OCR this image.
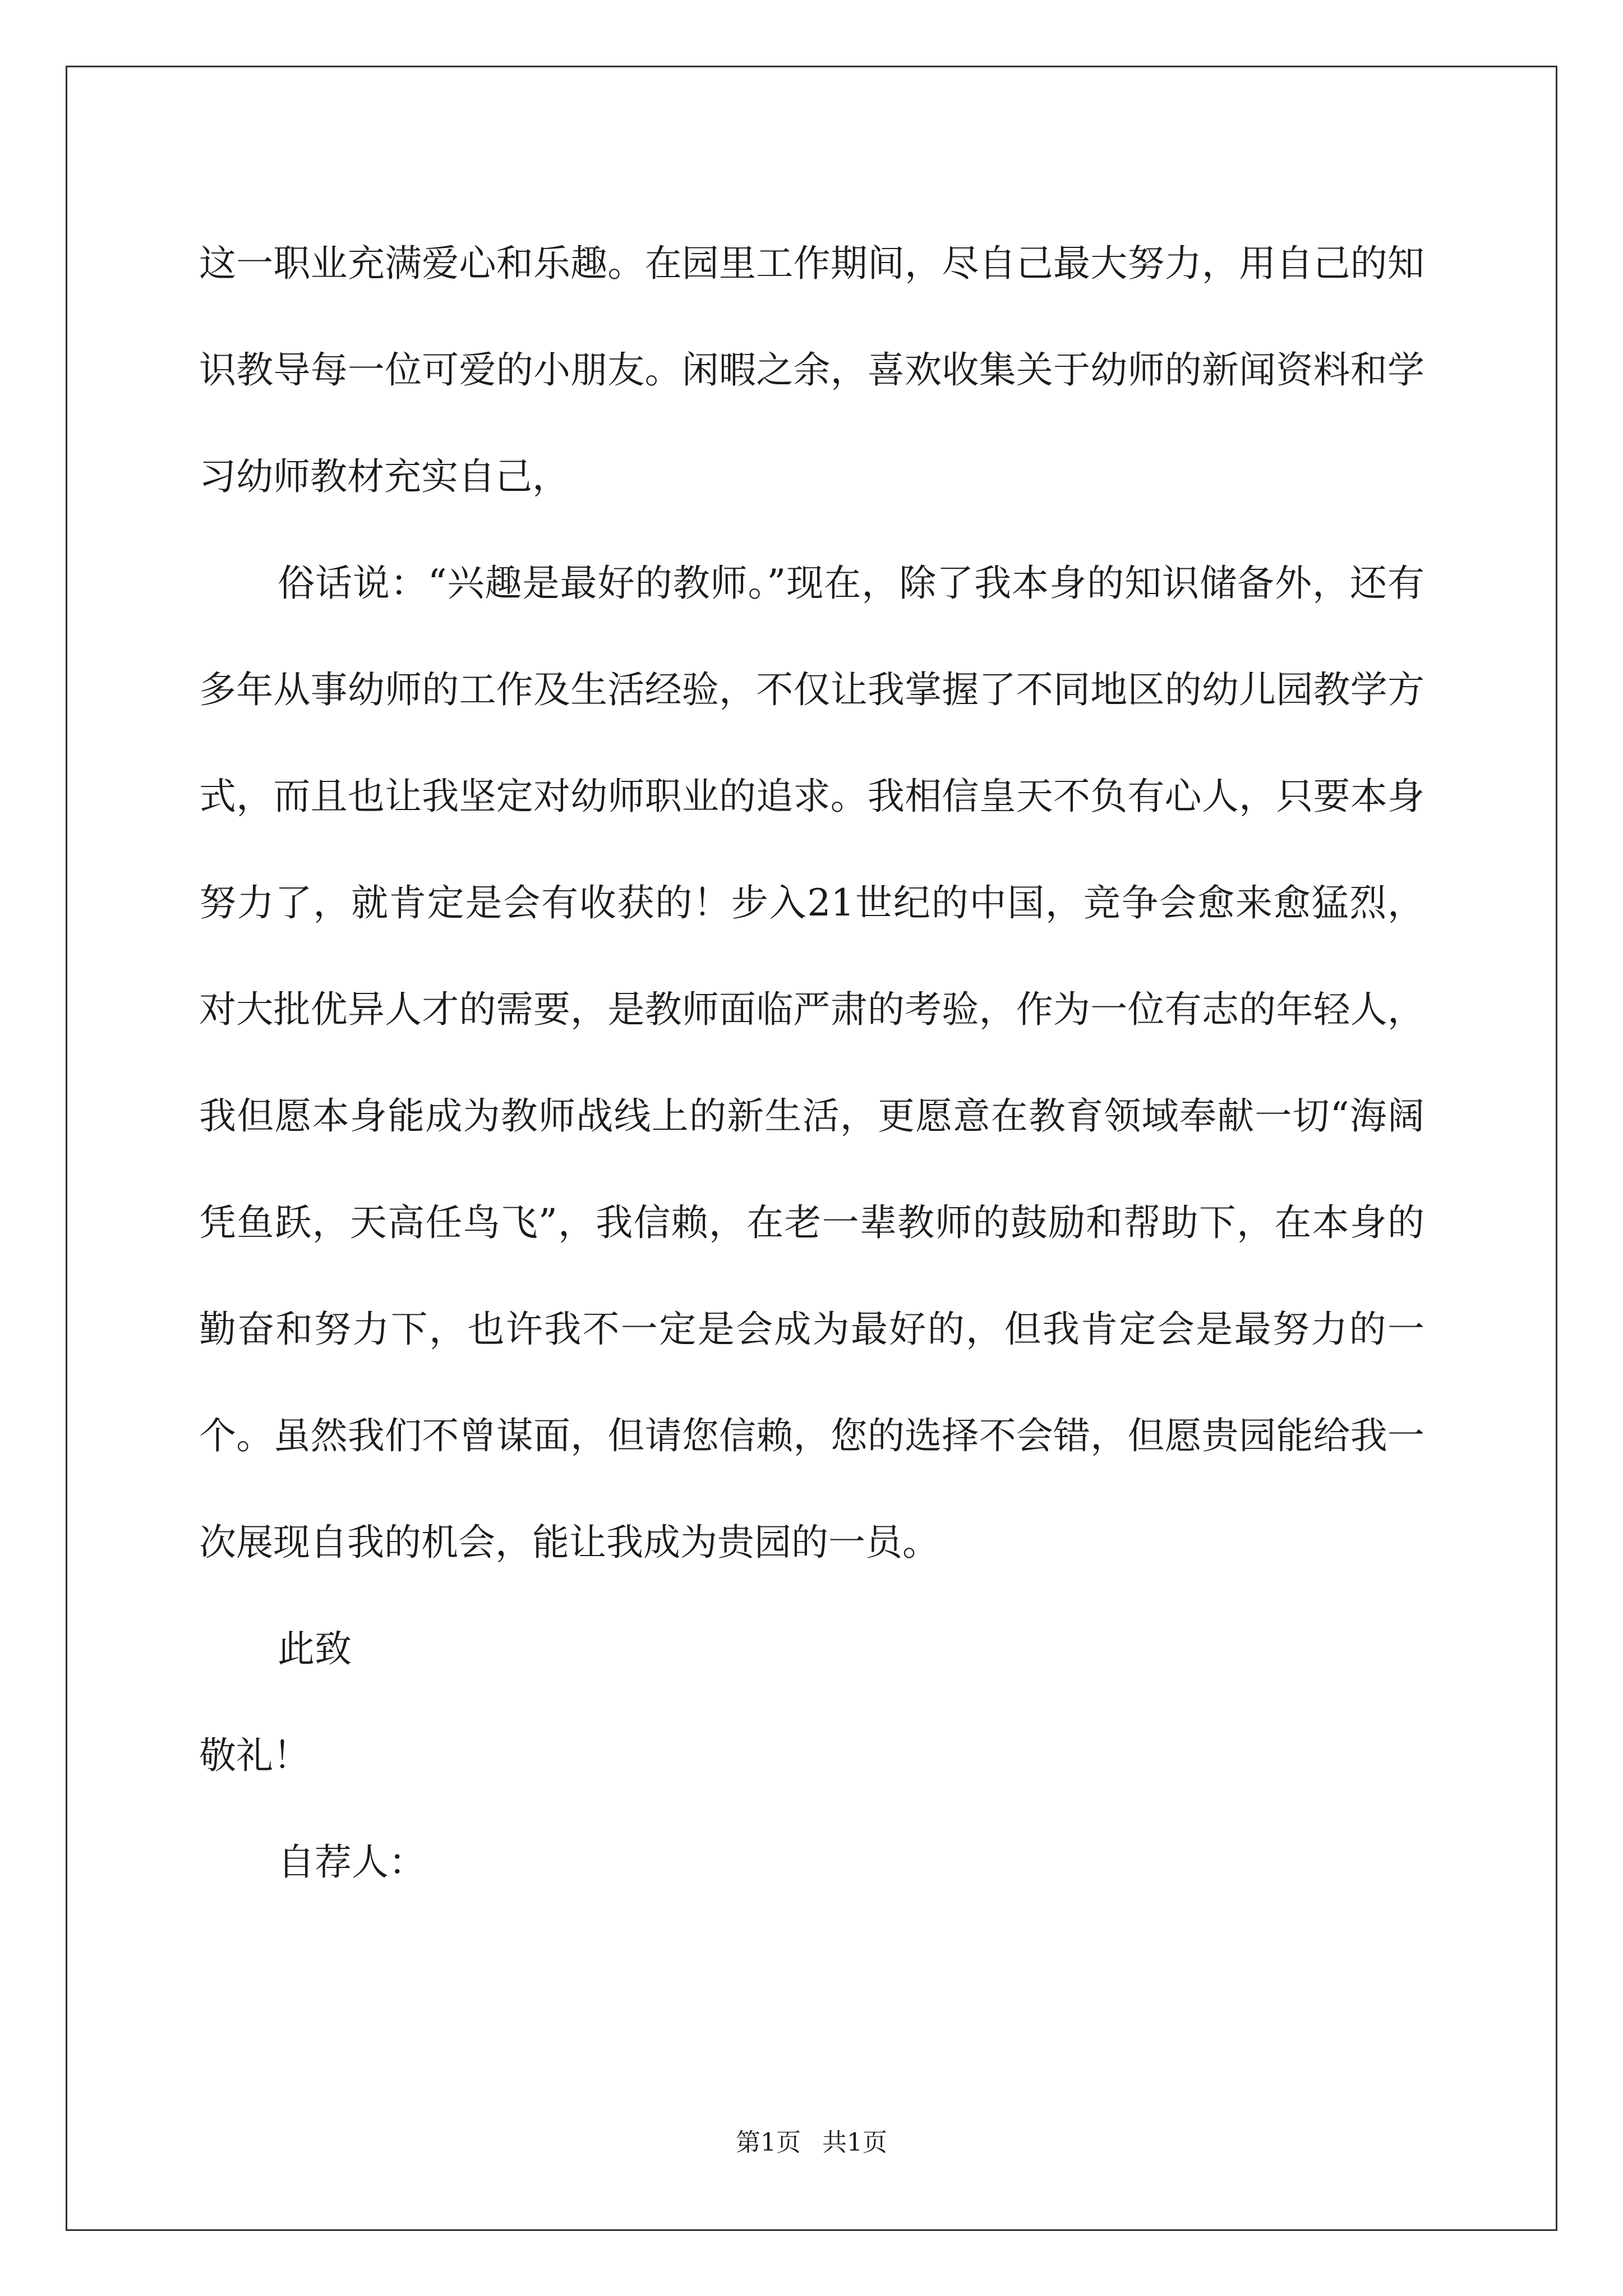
这一职业充满爱心和乐趣。在园里工作期间，尽自己最大努力，用自己的知识教导每一位可爱的小朋友。闲暇之余，喜欢收集关于幼师的新闻资料和学习幼师教材充实自己，

俗话说：“兴趣是最好的教师。”现在，除了我本身的知识储备外，还有多年从事幼师的工作及生活经验，不仅让我掌握了不同地区的幼儿园教学方式，而且也让我坚定对幼师职业的追求。我相信皇天不负有心人，只要本身努力了，就肯定是会有收获的！步入21世纪的中国，竞争会愈来愈猛烈，对大批优异人才的需要，是教师面临严肃的考验，作为一位有志的年轻人，我但愿本身能成为教师战线上的新生活，更愿意在教育领域奉献一切“海阔凭鱼跃，天高任鸟飞”，我信赖，在老一辈教师的鼓励和帮助下，在本身的勤奋和努力下，也许我不一定是会成为最好的，但我肯定会是最努力的一个。虽然我们不曾谋面，但请您信赖，您的选择不会错，但愿贵园能给我一次展现自我的机会，能让我成为贵园的一员。

此致

敬礼！

自荐人：

第1页 共1页
